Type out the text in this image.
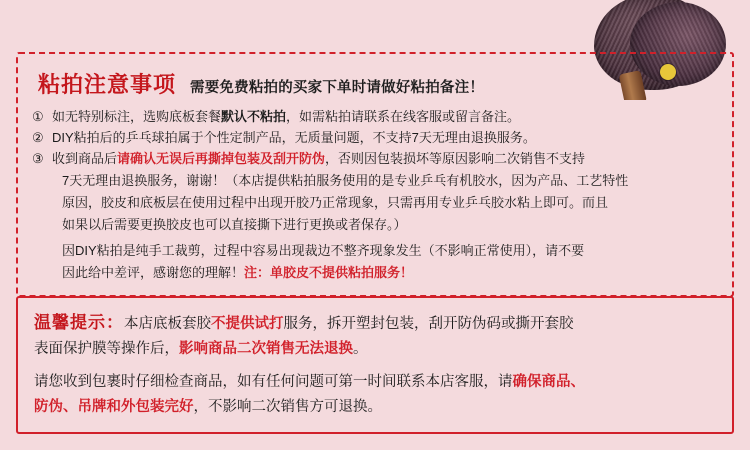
粘拍注意事项 需要免费粘拍的买家下单时请做好粘拍备注！
① 如无特别标注，选购底板套餐默认不粘拍，如需粘拍请联系在线客服或留言备注。
② DIY粘拍后的乒乓球拍属于个性定制产品，无质量问题，不支持7天无理由退换服务。
③ 收到商品后请确认无误后再撕掉包装及刮开防伪，否则因包装损坏等原因影响二次销售不支持
7天无理由退换服务，谢谢！（本店提供粘拍服务使用的是专业乒乓有机胶水，因为产品、工艺特性
原因，胶皮和底板层在使用过程中出现开胶乃正常现象，只需再用专业乒乓胶水粘上即可。而且
如果以后需要更换胶皮也可以直接撕下进行更换或者保存。）
因DIY粘拍是纯手工裁剪，过程中容易出现裁边不整齐现象发生（不影响正常使用），请不要
因此给中差评，感谢您的理解！注：单胶皮不提供粘拍服务！
温馨提示：本店底板套胶不提供试打服务，拆开塑封包装，刮开防伪码或撕开套胶
表面保护膜等操作后，影响商品二次销售无法退换。
请您收到包裹时仔细检查商品，如有任何问题可第一时间联系本店客服，请确保商品、
防伪、吊牌和外包装完好，不影响二次销售方可退换。
